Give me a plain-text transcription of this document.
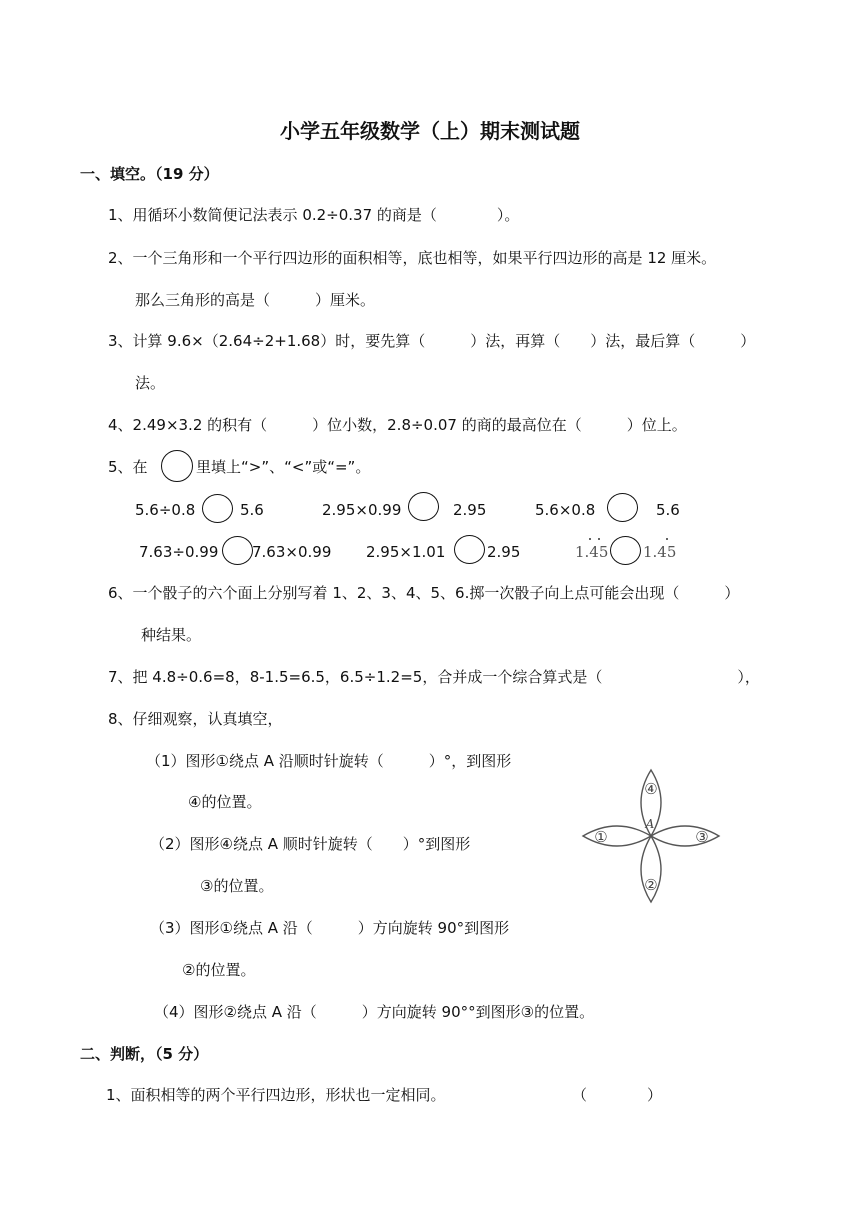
小学五年级数学（上）期末测试题
一、填空。（19 分）
1、用循环小数简便记法表示 0.2÷0.37 的商是（　　　　）。
2、一个三角形和一个平行四边形的面积相等，底也相等，如果平行四边形的高是 12 厘米。
那么三角形的高是（　　　）厘米。
3、计算 9.6×（2.64÷2+1.68）时，要先算（　　　）法，再算（　　）法，最后算（　　　）
法。
4、2.49×3.2 的积有（　　　）位小数，2.8÷0.07 的商的最高位在（　　　）位上。
5、在	里填上“>”、“<”或“=”。
5.6÷0.8	5.6	2.95×0.99	2.95	5.6×0.8	5.6
7.63÷0.99 7.63×0.99 2.95×1.01	2.95	1.45 1.45
6、一个骰子的六个面上分别写着 1、2、3、4、5、6.掷一次骰子向上点可能会出现（　　　）
种结果。
7、把 4.8÷0.6=8，8-1.5=6.5，6.5÷1.2=5，合并成一个综合算式是（　　　　　　　　　），
8、仔细观察，认真填空，
（1）图形①绕点 A 沿顺时针旋转（　　　）°，到图形
④的位置。
（2）图形④绕点 A 顺时针旋转（　　）°到图形
③的位置。
（3）图形①绕点 A 沿（　　　）方向旋转 90°到图形
②的位置。
（4）图形②绕点 A 沿（　　　）方向旋转 90°°到图形③的位置。
④
②
①	③
A
二、判断，（5 分）
1、面积相等的两个平行四边形，形状也一定相同。	（　　　　）
